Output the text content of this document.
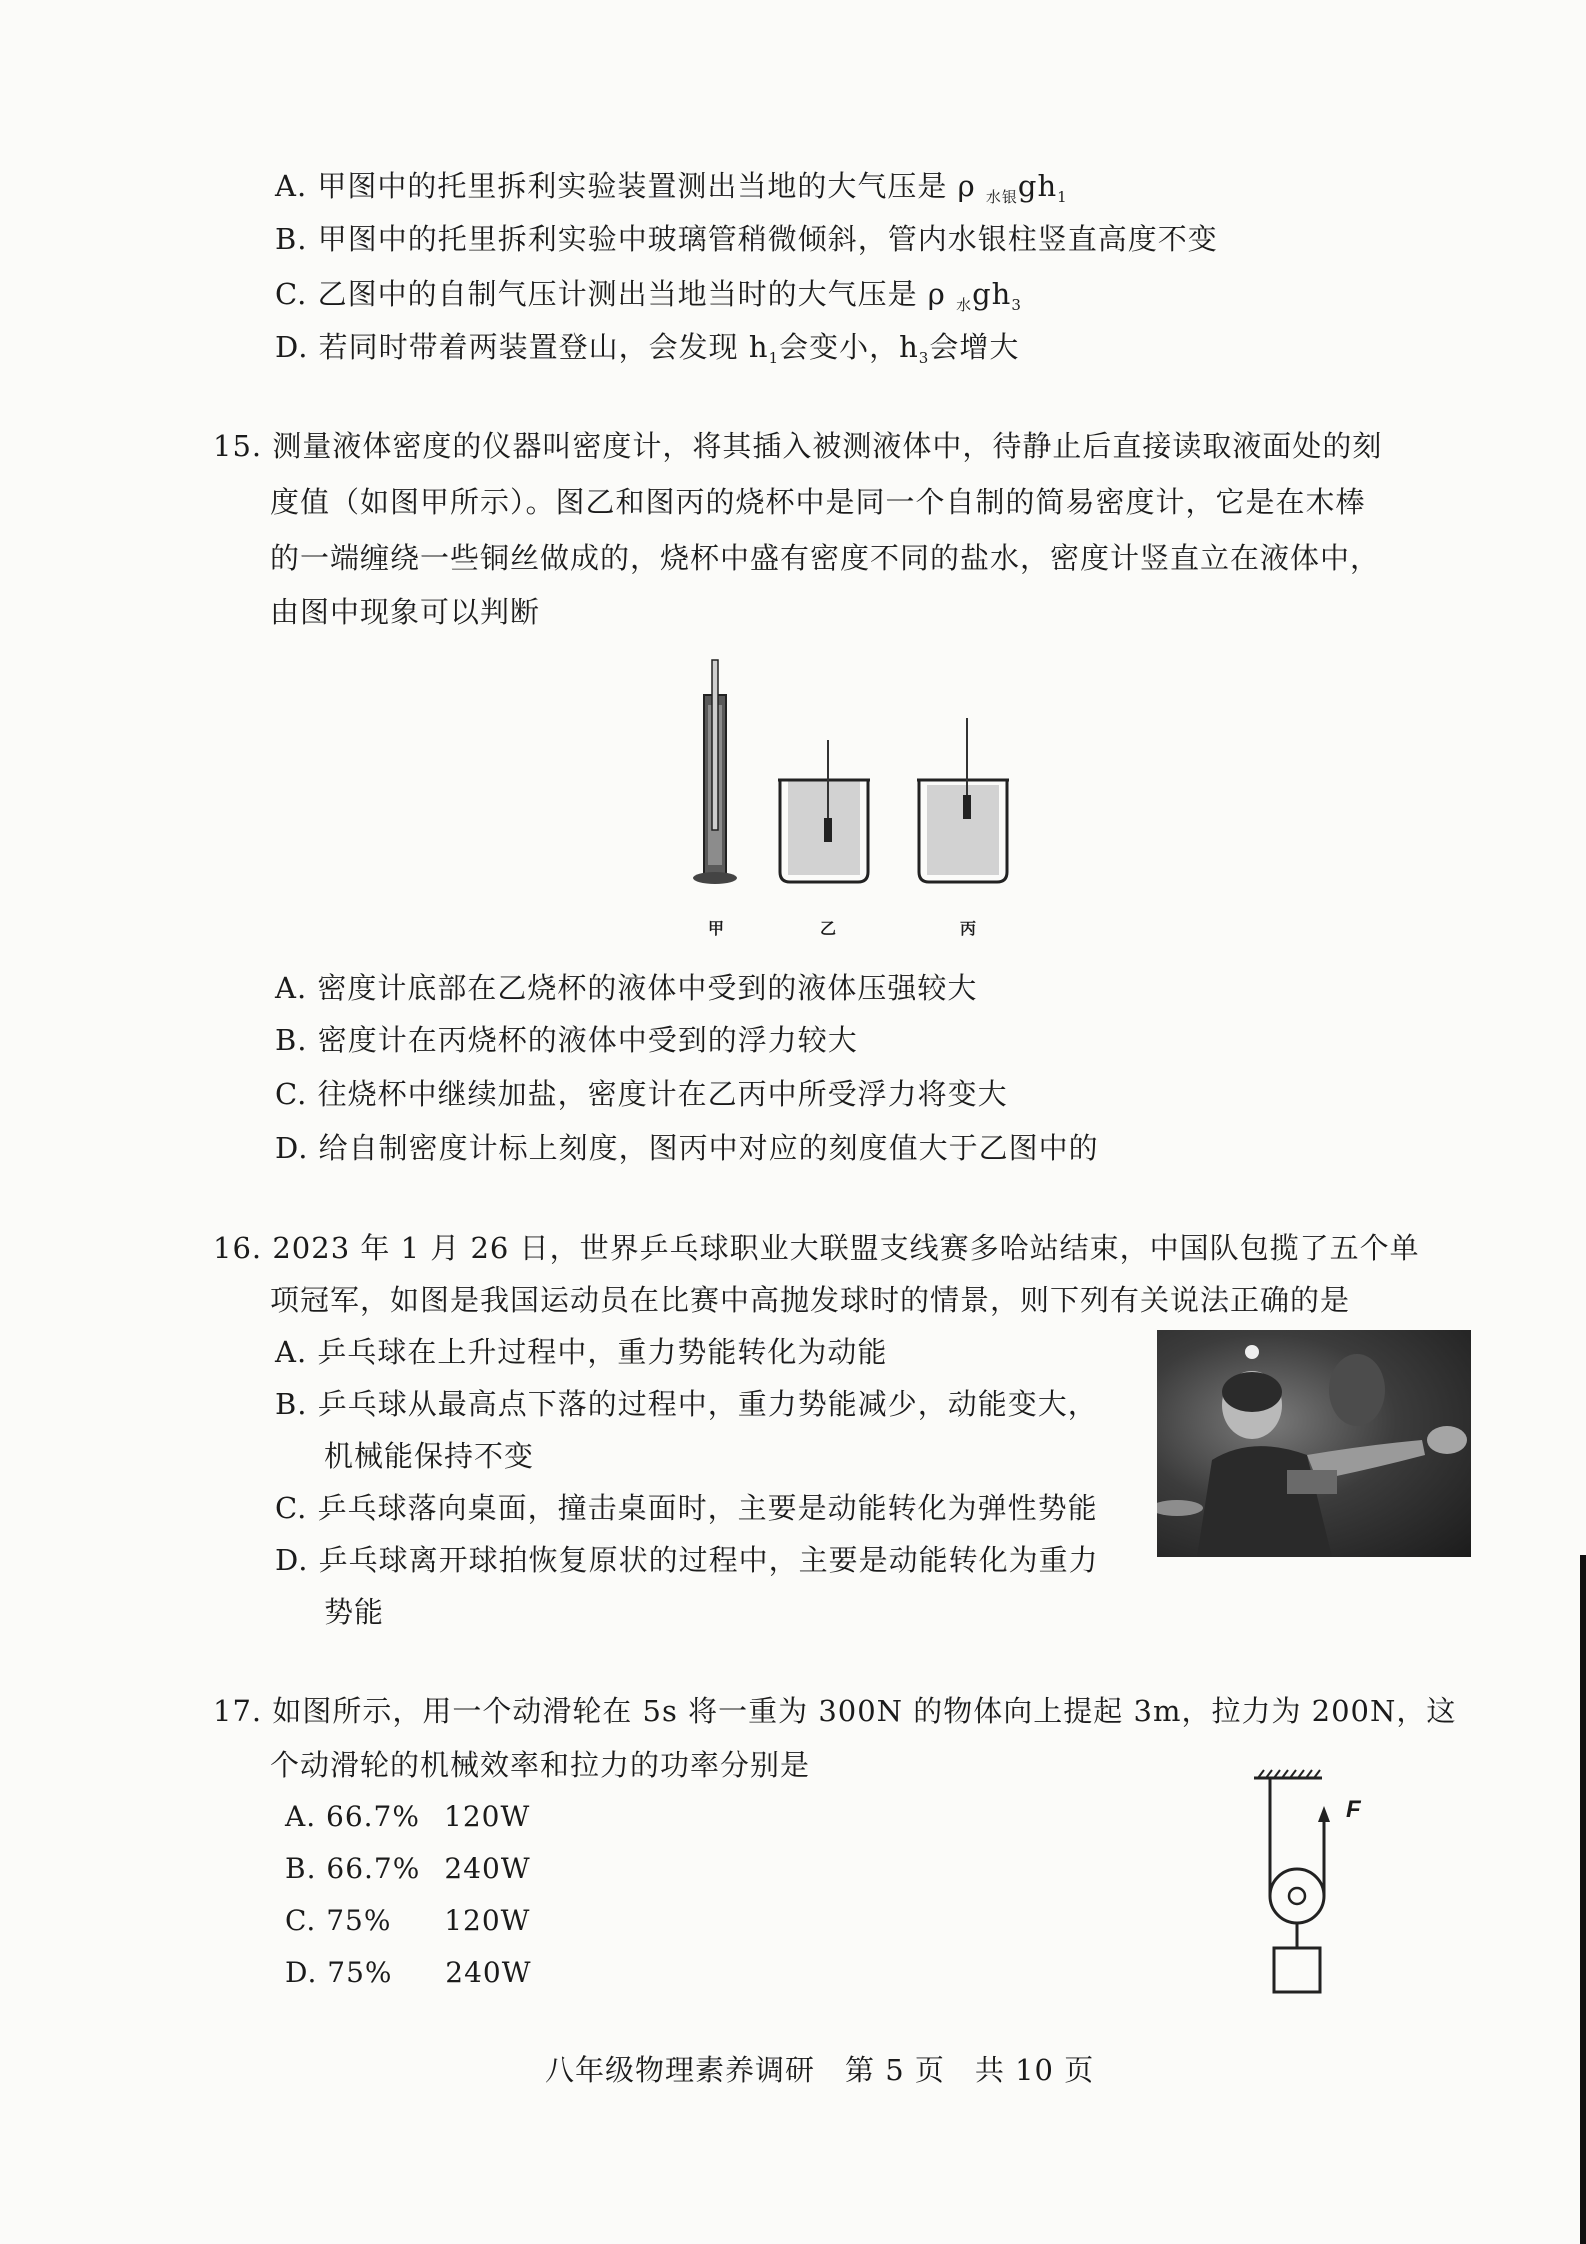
A. 甲图中的托里拆利实验装置测出当地的大气压是 ρ $_{水银}gh_1$
B. 甲图中的托里拆利实验中玻璃管稍微倾斜，管内水银柱竖直高度不变
C. 乙图中的自制气压计测出当地当时的大气压是 ρ $_水gh_3$
D. 若同时带着两装置登山，会发现 $h_1$会变小，$h_3$会增大
15. 测量液体密度的仪器叫密度计，将其插入被测液体中，待静止后直接读取液面处的刻
度值（如图甲所示）。图乙和图丙的烧杯中是同一个自制的简易密度计，它是在木棒
的一端缠绕一些铜丝做成的，烧杯中盛有密度不同的盐水，密度计竖直立在液体中，
由图中现象可以判断
甲	乙	丙
A. 密度计底部在乙烧杯的液体中受到的液体压强较大
B. 密度计在丙烧杯的液体中受到的浮力较大
C. 往烧杯中继续加盐，密度计在乙丙中所受浮力将变大
D. 给自制密度计标上刻度，图丙中对应的刻度值大于乙图中的
16. 2023 年 1 月 26 日，世界乒乓球职业大联盟支线赛多哈站结束，中国队包揽了五个单
项冠军，如图是我国运动员在比赛中高抛发球时的情景，则下列有关说法正确的是
A. 乒乓球在上升过程中，重力势能转化为动能
B. 乒乓球从最高点下落的过程中，重力势能减少，动能变大，
机械能保持不变
C. 乒乓球落向桌面，撞击桌面时，主要是动能转化为弹性势能
D. 乒乓球离开球拍恢复原状的过程中，主要是动能转化为重力
势能
17. 如图所示，用一个动滑轮在 5s 将一重为 300N 的物体向上提起 3m，拉力为 200N，这
个动滑轮的机械效率和拉力的功率分别是
A. 66.7% 120W
B. 66.7% 240W
C. 75% 120W
D. 75% 240W
F
八年级物理素养调研　第 5 页　共 10 页
